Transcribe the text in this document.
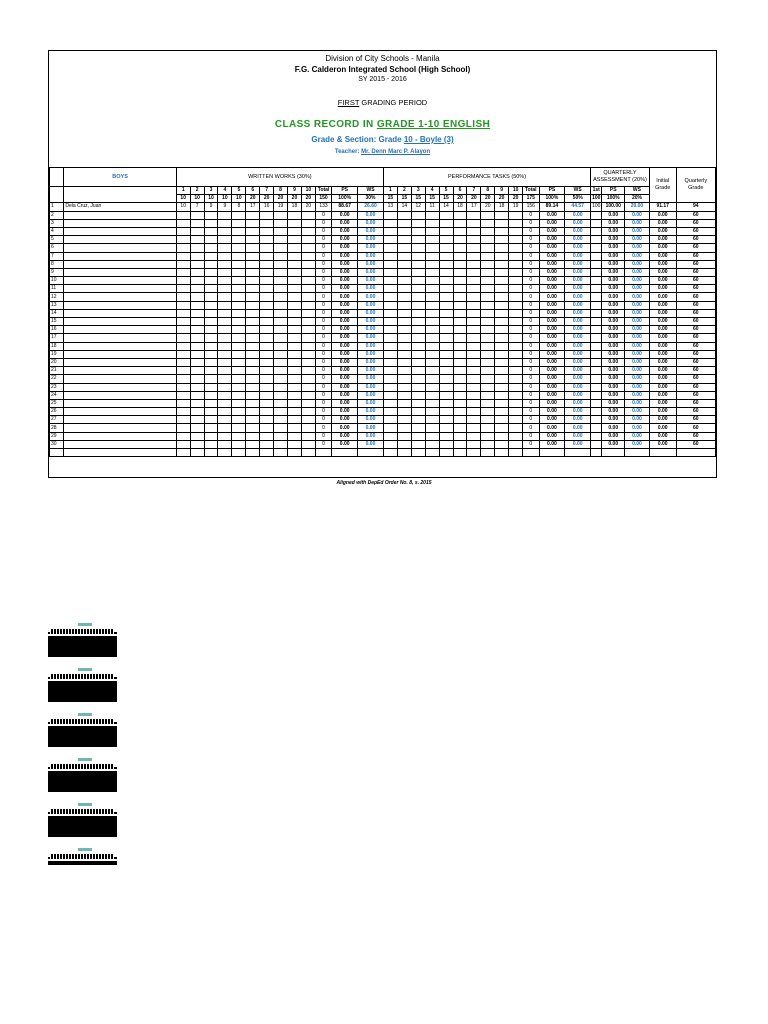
Division of City Schools - Manila
F.G. Calderon Integrated School (High School)
SY 2015 - 2016
FIRST GRADING PERIOD
CLASS RECORD IN GRADE 1-10 ENGLISH
Grade & Section: Grade 10 - Boyle (3)
Teacher: Mr. Denn Marc P. Alayon
	BOYS	WRITTEN WORKS (30%)													PERFORMANCE TASKS (50%)													QUARTERLY ASSESSMENT (20%)			Initial Grade	Quarterly Grade
		1	2	3	4	5	6	7	8	9	10	Total	PS	WS	1	2	3	4	5	6	7	8	9	10	Total	PS	WS	1st	PS	WS		
		10	10	10	10	10	20	20	20	20	20	150	100%	30%	15	15	15	15	15	20	20	20	20	20	175	100%	50%	100	100%	20%		
1	Dela Cruz, Juan	10	7	9	9	8	17	16	19	18	20	133	88.67	26.60	13	14	12	11	14	18	17	20	18	19	156	89.14	44.57	100	100.00	20.00	91.17	94
2												0	0.00	0.00											0	0.00	0.00		0.00	0.00	0.00	60
3												0	0.00	0.00											0	0.00	0.00		0.00	0.00	0.00	60
4												0	0.00	0.00											0	0.00	0.00		0.00	0.00	0.00	60
5												0	0.00	0.00											0	0.00	0.00		0.00	0.00	0.00	60
6												0	0.00	0.00											0	0.00	0.00		0.00	0.00	0.00	60
7												0	0.00	0.00											0	0.00	0.00		0.00	0.00	0.00	60
8												0	0.00	0.00											0	0.00	0.00		0.00	0.00	0.00	60
9												0	0.00	0.00											0	0.00	0.00		0.00	0.00	0.00	60
10												0	0.00	0.00											0	0.00	0.00		0.00	0.00	0.00	60
11												0	0.00	0.00											0	0.00	0.00		0.00	0.00	0.00	60
12												0	0.00	0.00											0	0.00	0.00		0.00	0.00	0.00	60
13												0	0.00	0.00											0	0.00	0.00		0.00	0.00	0.00	60
14												0	0.00	0.00											0	0.00	0.00		0.00	0.00	0.00	60
15												0	0.00	0.00											0	0.00	0.00		0.00	0.00	0.00	60
16												0	0.00	0.00											0	0.00	0.00		0.00	0.00	0.00	60
17												0	0.00	0.00											0	0.00	0.00		0.00	0.00	0.00	60
18												0	0.00	0.00											0	0.00	0.00		0.00	0.00	0.00	60
19												0	0.00	0.00											0	0.00	0.00		0.00	0.00	0.00	60
20												0	0.00	0.00											0	0.00	0.00		0.00	0.00	0.00	60
21												0	0.00	0.00											0	0.00	0.00		0.00	0.00	0.00	60
22												0	0.00	0.00											0	0.00	0.00		0.00	0.00	0.00	60
23												0	0.00	0.00											0	0.00	0.00		0.00	0.00	0.00	60
24												0	0.00	0.00											0	0.00	0.00		0.00	0.00	0.00	60
25												0	0.00	0.00											0	0.00	0.00		0.00	0.00	0.00	60
26												0	0.00	0.00											0	0.00	0.00		0.00	0.00	0.00	60
27												0	0.00	0.00											0	0.00	0.00		0.00	0.00	0.00	60
28												0	0.00	0.00											0	0.00	0.00		0.00	0.00	0.00	60
29												0	0.00	0.00											0	0.00	0.00		0.00	0.00	0.00	60
30												0	0.00	0.00											0	0.00	0.00		0.00	0.00	0.00	60

Aligned with DepEd Order No. 8, s. 2015
